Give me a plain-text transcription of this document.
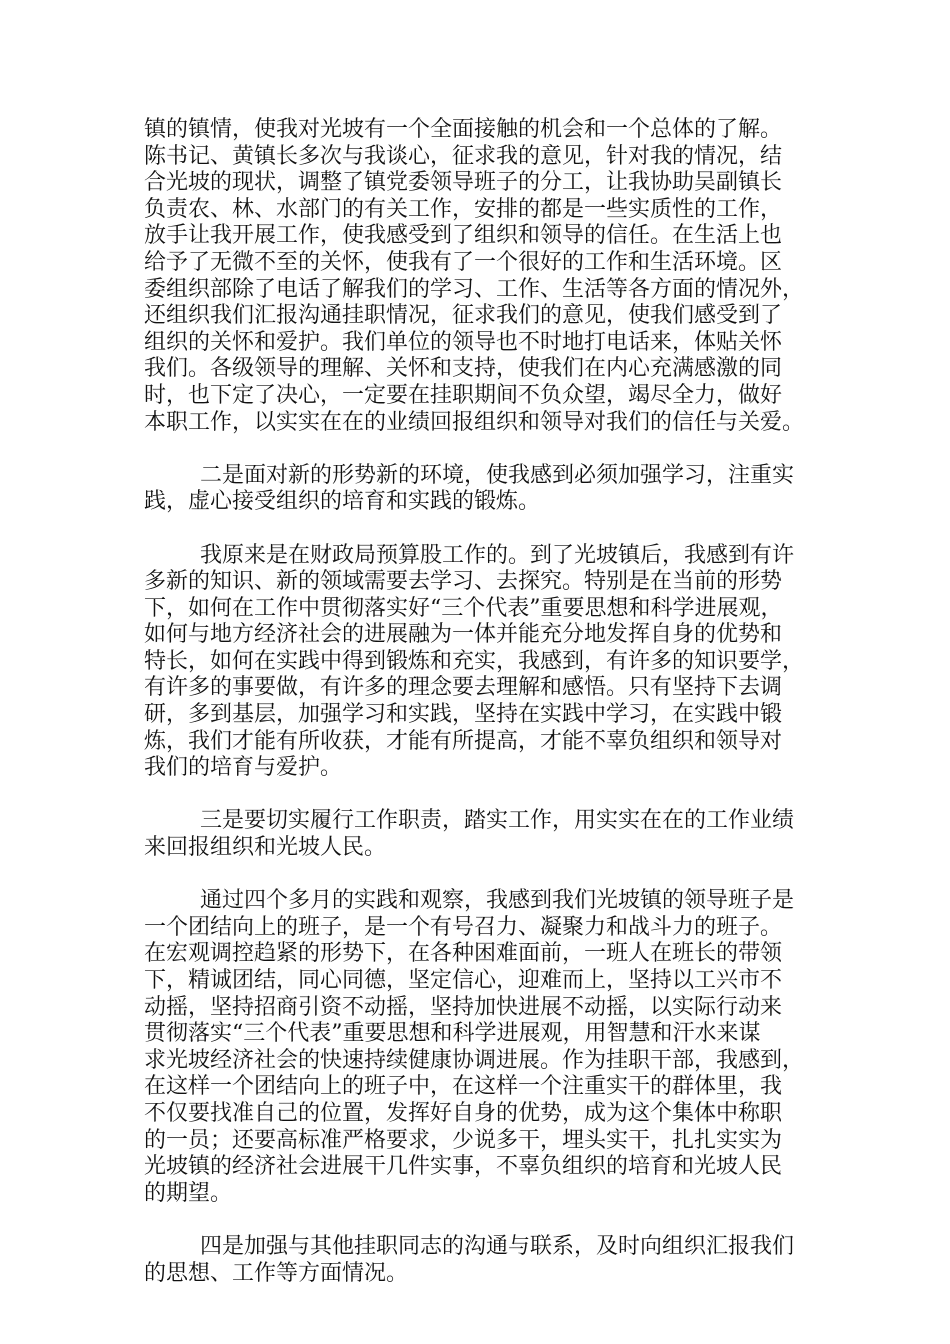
镇的镇情，使我对光坡有一个全面接触的机会和一个总体的了解。
陈书记、黄镇长多次与我谈心，征求我的意见，针对我的情况，结
合光坡的现状，调整了镇党委领导班子的分工，让我协助吴副镇长
负责农、林、水部门的有关工作，安排的都是一些实质性的工作，
放手让我开展工作，使我感受到了组织和领导的信任。在生活上也
给予了无微不至的关怀，使我有了一个很好的工作和生活环境。区
委组织部除了电话了解我们的学习、工作、生活等各方面的情况外，
还组织我们汇报沟通挂职情况，征求我们的意见，使我们感受到了
组织的关怀和爱护。我们单位的领导也不时地打电话来，体贴关怀
我们。各级领导的理解、关怀和支持，使我们在内心充满感激的同
时，也下定了决心，一定要在挂职期间不负众望，竭尽全力，做好
本职工作，以实实在在的业绩回报组织和领导对我们的信任与关爱。
二是面对新的形势新的环境，使我感到必须加强学习，注重实
践，虚心接受组织的培育和实践的锻炼。
我原来是在财政局预算股工作的。到了光坡镇后，我感到有许
多新的知识、新的领域需要去学习、去探究。特别是在当前的形势
下，如何在工作中贯彻落实好“三个代表”重要思想和科学进展观，
如何与地方经济社会的进展融为一体并能充分地发挥自身的优势和
特长，如何在实践中得到锻炼和充实，我感到，有许多的知识要学，
有许多的事要做，有许多的理念要去理解和感悟。只有坚持下去调
研，多到基层，加强学习和实践，坚持在实践中学习，在实践中锻
炼，我们才能有所收获，才能有所提高，才能不辜负组织和领导对
我们的培育与爱护。
三是要切实履行工作职责，踏实工作，用实实在在的工作业绩
来回报组织和光坡人民。
通过四个多月的实践和观察，我感到我们光坡镇的领导班子是
一个团结向上的班子，是一个有号召力、凝聚力和战斗力的班子。
在宏观调控趋紧的形势下，在各种困难面前，一班人在班长的带领
下，精诚团结，同心同德，坚定信心，迎难而上，坚持以工兴市不
动摇，坚持招商引资不动摇，坚持加快进展不动摇，以实际行动来
贯彻落实“三个代表”重要思想和科学进展观，用智慧和汗水来谋
求光坡经济社会的快速持续健康协调进展。作为挂职干部，我感到，
在这样一个团结向上的班子中，在这样一个注重实干的群体里，我
不仅要找准自己的位置，发挥好自身的优势，成为这个集体中称职
的一员；还要高标准严格要求，少说多干，埋头实干，扎扎实实为
光坡镇的经济社会进展干几件实事，不辜负组织的培育和光坡人民
的期望。
四是加强与其他挂职同志的沟通与联系，及时向组织汇报我们
的思想、工作等方面情况。
